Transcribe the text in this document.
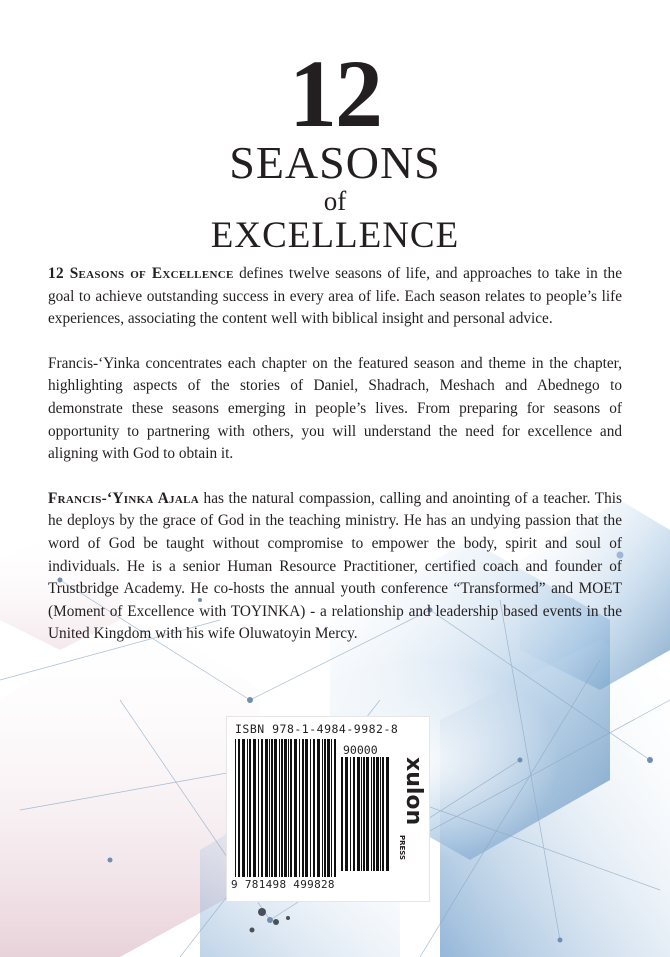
12
SEASONS
of
EXCELLENCE

12 Seasons of Excellence defines twelve seasons of life, and approaches to take in the goal to achieve outstanding success in every area of life. Each season relates to people’s life experiences, associating the content well with biblical insight and personal advice.

Francis-‘Yinka concentrates each chapter on the featured season and theme in the chapter, highlighting aspects of the stories of Daniel, Shadrach, Meshach and Abednego to demonstrate these seasons emerging in people’s lives. From preparing for seasons of opportunity to partnering with others, you will understand the need for excellence and aligning with God to obtain it.

Francis-‘Yinka Ajala has the natural compassion, calling and anointing of a teacher. This he deploys by the grace of God in the teaching ministry. He has an undying passion that the word of God be taught without compromise to empower the body, spirit and soul of individuals. He is a senior Human Resource Practitioner, certified coach and founder of Trustbridge Academy. He co-hosts the annual youth conference “Transformed” and MOET (Moment of Excellence with TOYINKA) - a relationship and leadership based events in the United Kingdom with his wife Oluwatoyin Mercy.

ISBN 978-1-4984-9982-8
90000
9 781498 499828
xulon
PRESS
